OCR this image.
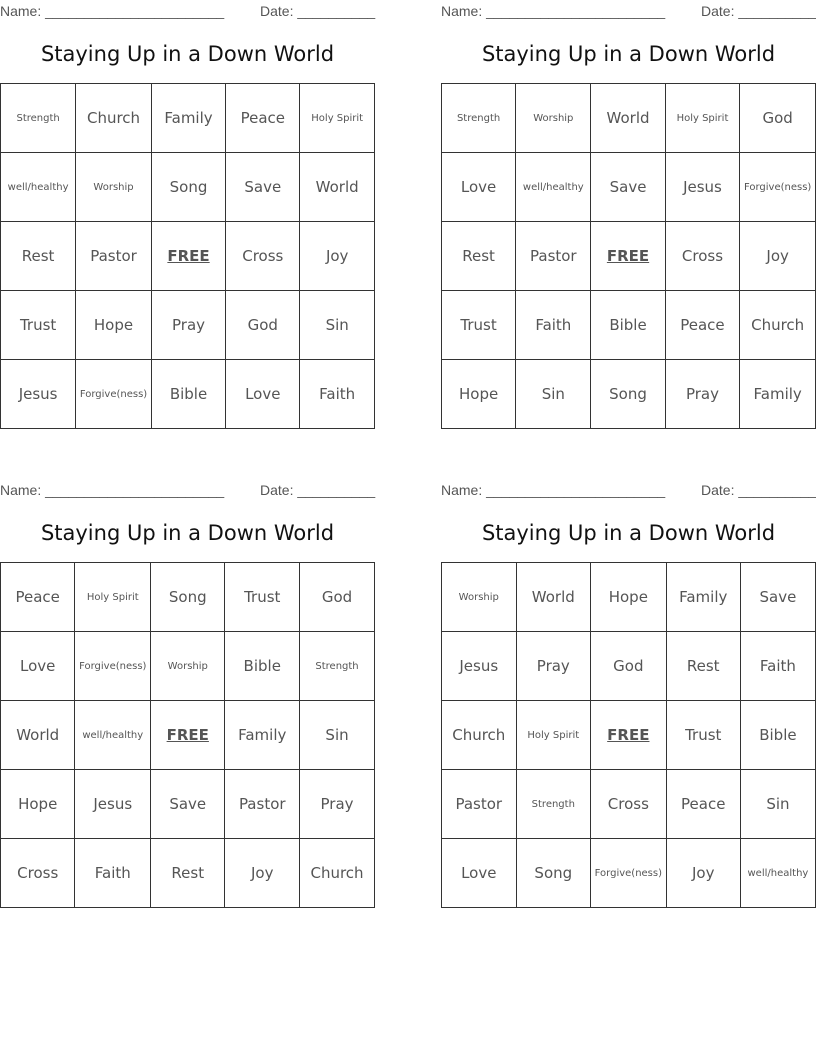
Name: _______________________	Date: __________
Staying Up in a Down World
Strength	Church	Family	Peace	Holy Spirit
well/healthy	Worship	Song	Save	World
Rest	Pastor	FREE	Cross	Joy
Trust	Hope	Pray	God	Sin
Jesus	Forgive(ness)	Bible	Love	Faith
Name: _______________________	Date: __________
Staying Up in a Down World
Strength	Worship	World	Holy Spirit	God
Love	well/healthy	Save	Jesus	Forgive(ness)
Rest	Pastor	FREE	Cross	Joy
Trust	Faith	Bible	Peace	Church
Hope	Sin	Song	Pray	Family
Name: _______________________	Date: __________
Staying Up in a Down World
Peace	Holy Spirit	Song	Trust	God
Love	Forgive(ness)	Worship	Bible	Strength
World	well/healthy	FREE	Family	Sin
Hope	Jesus	Save	Pastor	Pray
Cross	Faith	Rest	Joy	Church
Name: _______________________	Date: __________
Staying Up in a Down World
Worship	World	Hope	Family	Save
Jesus	Pray	God	Rest	Faith
Church	Holy Spirit	FREE	Trust	Bible
Pastor	Strength	Cross	Peace	Sin
Love	Song	Forgive(ness)	Joy	well/healthy
